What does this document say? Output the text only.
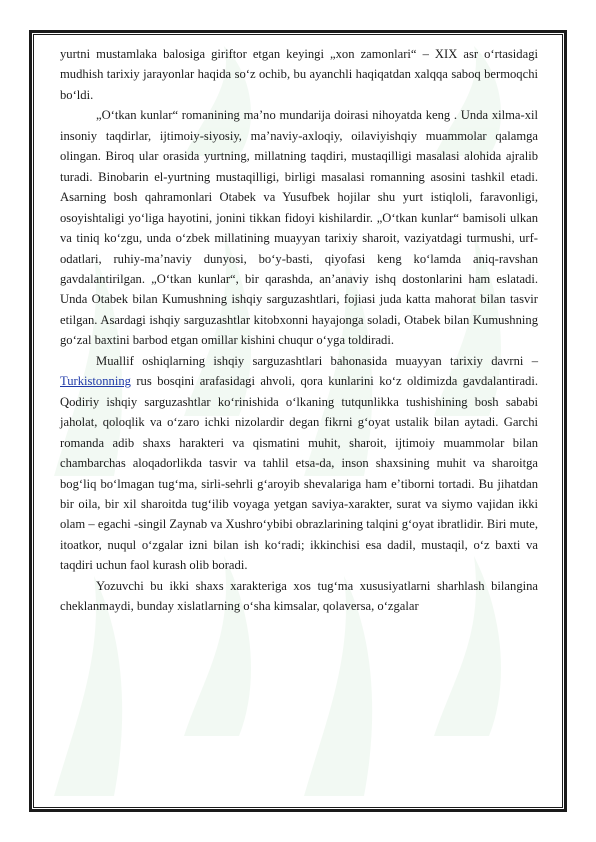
yurtni mustamlaka balosiga giriftor etgan keyingi „xon zamonlari“ – XIX asr oʻrtasidagi mudhish tarixiy jarayonlar haqida soʻz ochib, bu ayanchli haqiqatdan xalqqa saboq bermoqchi boʻldi.

„Oʻtkan kunlar“ romanining maʼno mundarija doirasi nihoyatda keng . Unda xilma-xil insoniy taqdirlar, ijtimoiy-siyosiy, maʼnaviy-axloqiy, oilaviyishqiy muammolar qalamga olingan. Biroq ular orasida yurtning, millatning taqdiri, mustaqilligi masalasi alohida ajralib turadi. Binobarin el-yurtning mustaqilligi, birligi masalasi romanning asosini tashkil etadi. Asarning bosh qahramonlari Otabek va Yusufbek hojilar shu yurt istiqloli, faravonligi, osoyishtaligi yoʻliga hayotini, jonini tikkan fidoyi kishilardir. „Oʻtkan kunlar“ bamisoli ulkan va tiniq koʻzgu, unda oʻzbek millatining muayyan tarixiy sharoit, vaziyatdagi turmushi, urf-odatlari, ruhiy-maʼnaviy dunyosi, boʻy-basti, qiyofasi keng koʻlamda aniq-ravshan gavdalantirilgan. „Oʻtkan kunlar“, bir qarashda, anʼanaviy ishq dostonlarini ham eslatadi. Unda Otabek bilan Kumushning ishqiy sarguzashtlari, fojiasi juda katta mahorat bilan tasvir etilgan. Asardagi ishqiy sarguzashtlar kitobxonni hayajonga soladi, Otabek bilan Kumushning goʻzal baxtini barbod etgan omillar kishini chuqur oʻyga toldiradi.

Muallif oshiqlarning ishqiy sarguzashtlari bahonasida muayyan tarixiy davrni – Turkistonning rus bosqini arafasidagi ahvoli, qora kunlarini koʻz oldimizda gavdalantiradi. Qodiriy ishqiy sarguzashtlar koʻrinishida oʻlkaning tutqunlikka tushishining bosh sababi jaholat, qoloqlik va oʻzaro ichki nizolardir degan fikrni gʻoyat ustalik bilan aytadi. Garchi romanda adib shaxs harakteri va qismatini muhit, sharoit, ijtimoiy muammolar bilan chambarchas aloqadorlikda tasvir va tahlil etsa-da, inson shaxsining muhit va sharoitga bogʻliq boʻlmagan tugʻma, sirli-sehrli gʻaroyib shevalariga ham eʼtiborni tortadi. Bu jihatdan bir oila, bir xil sharoitda tugʻilib voyaga yetgan saviya-xarakter, surat va siymo vajidan ikki olam – egachi -singil Zaynab va Xushroʻybibi obrazlarining talqini gʻoyat ibratlidir. Biri mute, itoatkor, nuqul oʻzgalar izni bilan ish koʻradi; ikkinchisi esa dadil, mustaqil, oʻz baxti va taqdiri uchun faol kurash olib boradi.

Yozuvchi bu ikki shaxs xarakteriga xos tugʻma xususiyatlarni sharhlash bilangina cheklanmaydi, bunday xislatlarning oʻsha kimsalar, qolaversa, oʻzgalar
